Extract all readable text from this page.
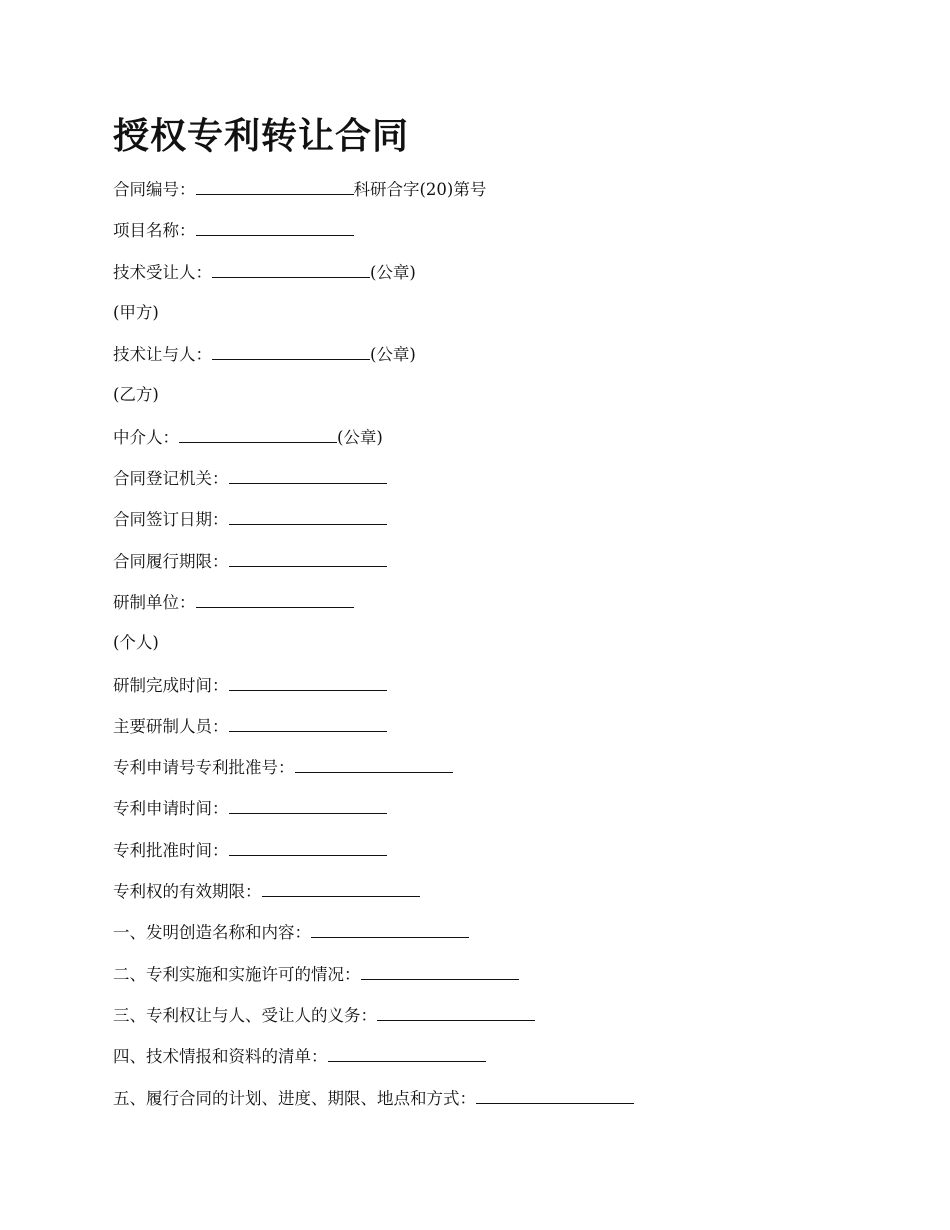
授权专利转让合同
合同编号：	科研合字(20)第号
项目名称：
技术受让人：	(公章)
(甲方)
技术让与人：	(公章)
(乙方)
中介人：	(公章)
合同登记机关：
合同签订日期：
合同履行期限：
研制单位：
(个人)
研制完成时间：
主要研制人员：
专利申请号专利批准号：
专利申请时间：
专利批准时间：
专利权的有效期限：
一、发明创造名称和内容：
二、专利实施和实施许可的情况：
三、专利权让与人、受让人的义务：
四、技术情报和资料的清单：
五、履行合同的计划、进度、期限、地点和方式：
